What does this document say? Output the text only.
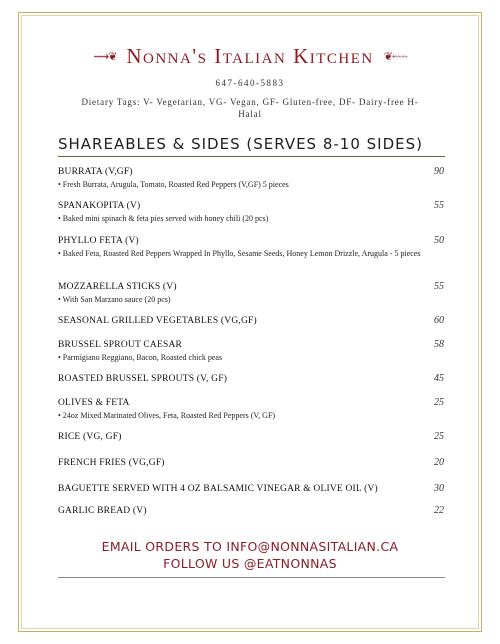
⟿❦ Nonna's Italian Kitchen ❦⬳
647-640-5883
Dietary Tags: V- Vegetarian, VG- Vegan, GF- Gluten-free, DF- Dairy-free H-Halal
SHAREABLES & SIDES (SERVES 8-10 SIDES)
BURRATA (V,GF)	90
• Fresh Burrata, Arugula, Tomato, Roasted Red Peppers (V,GF) 5 pieces
SPANAKOPITA (V)	55
• Baked mini spinach & feta pies served with honey chili (20 pcs)
PHYLLO FETA (V)	50
• Baked Feta, Roasted Red Peppers Wrapped In Phyllo, Sesame Seeds, Honey Lemon Drizzle, Arugula - 5 pieces
MOZZARELLA STICKS (V)	55
• With San Marzano sauce (20 pcs)
SEASONAL GRILLED VEGETABLES (VG,GF)	60
BRUSSEL SPROUT CAESAR	58
• Parmigiano Reggiano, Bacon, Roasted chick peas
ROASTED BRUSSEL SPROUTS (V, GF)	45
OLIVES & FETA	25
• 24oz Mixed Marinated Olives, Feta, Roasted Red Peppers (V, GF)
RICE (VG, GF)	25
FRENCH FRIES (VG,GF)	20
BAGUETTE SERVED WITH 4 OZ BALSAMIC VINEGAR & OLIVE OIL (V)	30
GARLIC BREAD (V)	22
EMAIL ORDERS TO INFO@NONNASITALIAN.CA
FOLLOW US @EATNONNAS
